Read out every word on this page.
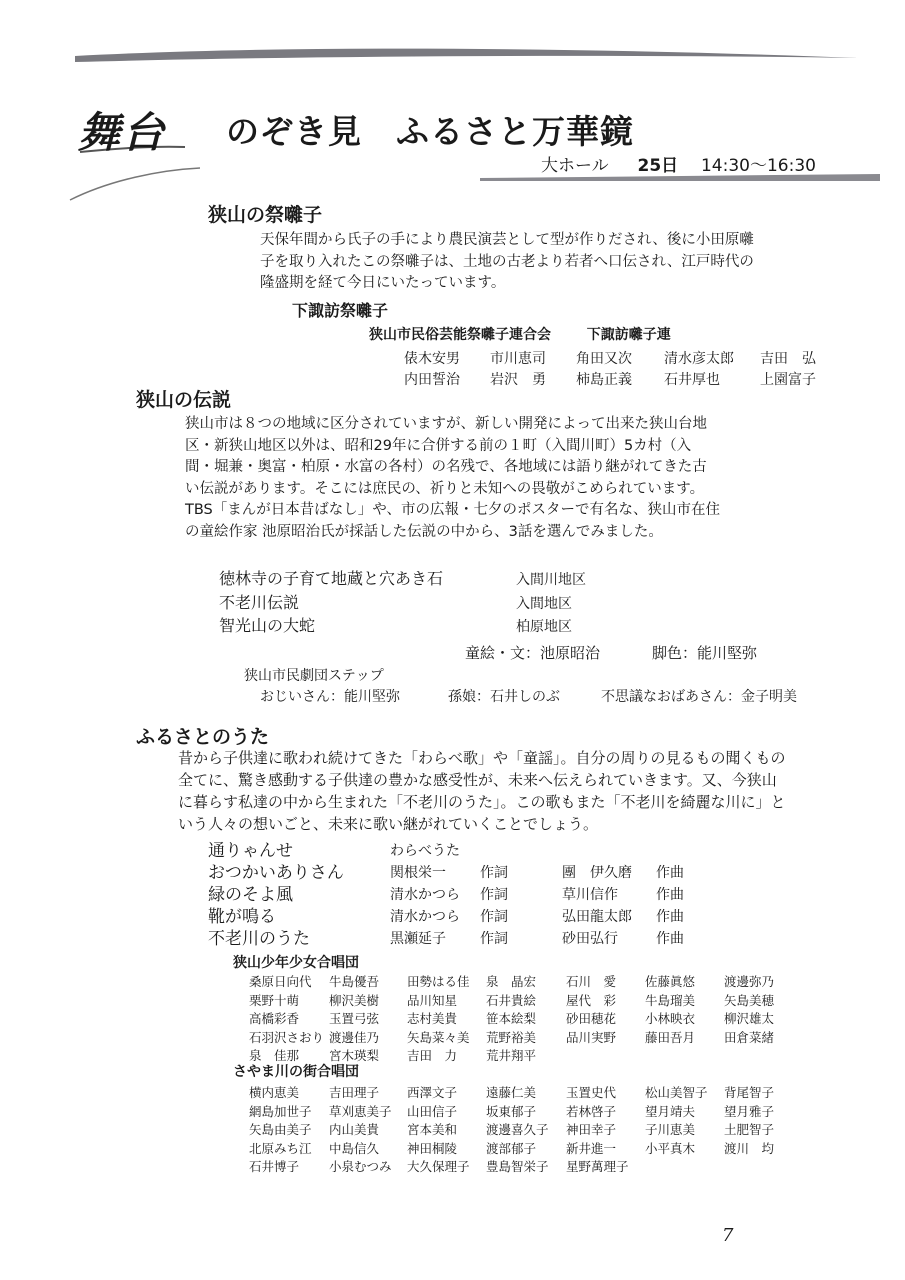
舞台 のぞき見　ふるさと万華鏡
大ホール 25日 14:30～16:30
狭山の祭囃子
天保年間から氏子の手により農民演芸として型が作りだされ、後に小田原囃子を取り入れたこの祭囃子は、土地の古老より若者へ口伝され、江戸時代の隆盛期を経て今日にいたっています。
下諏訪祭囃子
狭山市民俗芸能祭囃子連合会	下諏訪囃子連
俵木安男 市川恵司 角田又次 清水彦太郎 吉田　弘
内田誓治 岩沢　勇 柿島正義 石井厚也	上園富子
狭山の伝説
狭山市は８つの地域に区分されていますが、新しい開発によって出来た狭山台地区・新狭山地区以外は、昭和29年に合併する前の１町（入間川町）5カ村（入間・堀兼・奥富・柏原・水富の各村）の名残で、各地域には語り継がれてきた古い伝説があります。そこには庶民の、祈りと未知への畏敬がこめられています。TBS「まんが日本昔ばなし」や、市の広報・七夕のポスターで有名な、狭山市在住の童絵作家 池原昭治氏が採話した伝説の中から、3話を選んでみました。
徳林寺の子育て地蔵と穴あき石	入間川地区
不老川伝説	入間地区
智光山の大蛇	柏原地区
童絵・文：池原昭治	脚色：能川堅弥
狭山市民劇団ステップ
おじいさん：能川堅弥	孫娘：石井しのぶ	不思議なおばあさん：金子明美
ふるさとのうた
昔から子供達に歌われ続けてきた「わらべ歌」や「童謡」。自分の周りの見るもの聞くもの全てに、驚き感動する子供達の豊かな感受性が、未来へ伝えられていきます。又、今狭山に暮らす私達の中から生まれた「不老川のうた」。この歌もまた「不老川を綺麗な川に」という人々の想いごと、未来に歌い継がれていくことでしょう。
通りゃんせ	わらべうた
おつかいありさん	関根栄一 作詞	團　伊久磨 作曲
緑のそよ風	清水かつら 作詞	草川信作	作曲
靴が鳴る	清水かつら 作詞	弘田龍太郎 作曲
不老川のうた	黒瀬延子 作詞	砂田弘行	作曲
狭山少年少女合唱団
桑原日向代 牛島優吾 田勢はる佳 泉　晶宏 石川　愛 佐藤眞悠 渡邊弥乃
栗野十萌 柳沢美樹 品川知星 石井貴絵 屋代　彩 牛島瑠美 矢島美穂
高橋彩香 玉置弓弦 志村美貴 笹本絵梨 砂田穂花 小林映衣 柳沢雄太
石羽沢さおり 渡邊佳乃 矢島菜々美 荒野裕美 品川実野 藤田吾月 田倉菜緒
泉　佳那 宮木瑛梨 吉田　力 荒井翔平
さやま川の街合唱団
横内恵美 吉田理子 西澤文子 遠藤仁美 玉置史代 松山美智子 背尾智子
網島加世子 草刈恵美子 山田信子 坂東郁子 若林啓子 望月靖夫 望月雅子
矢島由美子 内山美貴 宮本美和 渡邊喜久子 神田幸子 子川恵美 土肥智子
北原みち江 中島信久 神田桐陵 渡部郁子 新井進一 小平真木 渡川　均
石井博子 小泉むつみ 大久保理子 豊島智栄子 星野萬理子
7
